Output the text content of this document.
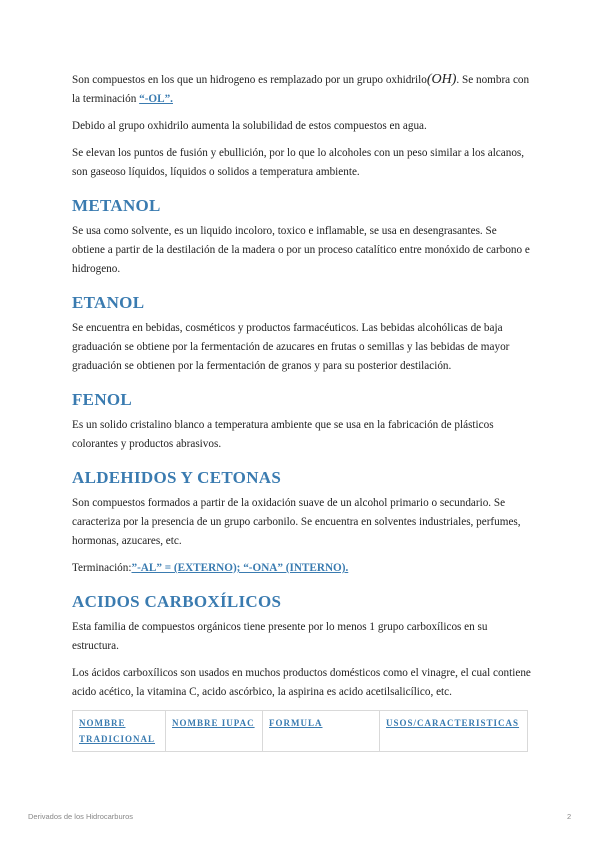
Son compuestos en los que un hidrogeno es remplazado por un grupo oxhidrilo(OH). Se nombra con la terminación “-OL”.

Debido al grupo oxhidrilo aumenta la solubilidad de estos compuestos en agua.

Se elevan los puntos de fusión y ebullición, por lo que lo alcoholes con un peso similar a los alcanos, son gaseoso líquidos, líquidos o solidos a temperatura ambiente.

METANOL

Se usa como solvente, es un liquido incoloro, toxico e inflamable, se usa en desengrasantes. Se obtiene a partir de la destilación de la madera o por un proceso catalítico entre monóxido de carbono e hidrogeno.

ETANOL

Se encuentra en bebidas, cosméticos y productos farmacéuticos. Las bebidas alcohólicas de baja graduación se obtiene por la fermentación de azucares en frutas o semillas y las bebidas de mayor graduación se obtienen por la fermentación de granos y para su posterior destilación.

FENOL

Es un solido cristalino blanco a temperatura ambiente que se usa en la fabricación de plásticos colorantes y productos abrasivos.

ALDEHIDOS Y CETONAS

Son compuestos formados a partir de la oxidación suave de un alcohol primario o secundario. Se caracteriza por la presencia de un grupo carbonilo. Se encuentra en solventes industriales, perfumes, hormonas, azucares, etc.

Terminación:”-AL” = (EXTERNO); “-ONA” (INTERNO).

ACIDOS CARBOXÍLICOS

Esta familia de compuestos orgánicos tiene presente por lo menos 1 grupo carboxílicos en su estructura.

Los ácidos carboxílicos son usados en muchos productos domésticos como el vinagre, el cual contiene acido acético, la vitamina C, acido ascórbico, la aspirina es acido acetilsalicílico, etc.

NOMBRE TRADICIONAL	NOMBRE IUPAC	FORMULA	USOS/CARACTERISTICAS
Derivados de los Hidrocarburos	2
